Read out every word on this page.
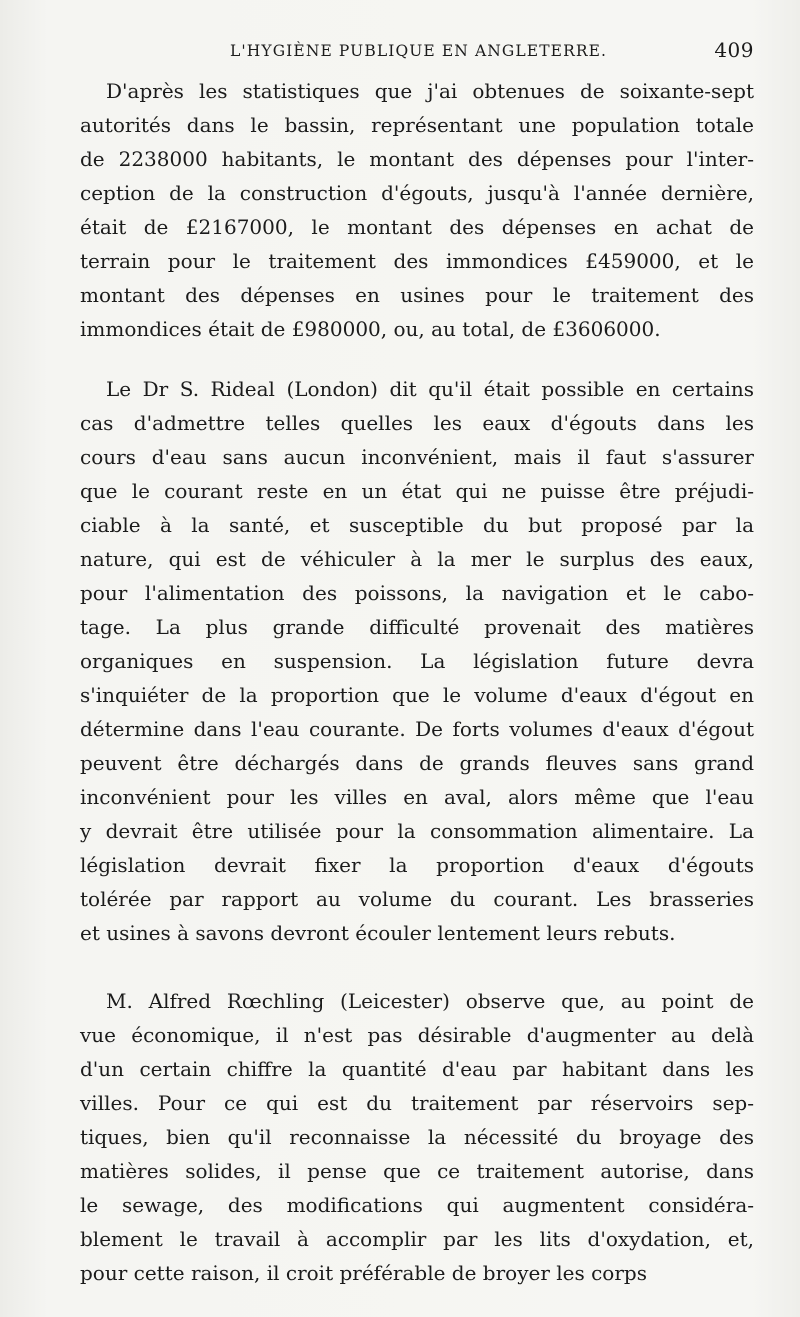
L'HYGIÈNE PUBLIQUE EN ANGLETERRE.	409

D'après les statistiques que j'ai obtenues de soixante-sept
autorités dans le bassin, représentant une population totale
de 2238000 habitants, le montant des dépenses pour l'inter-
ception de la construction d'égouts, jusqu'à l'année dernière,
était de £2167000, le montant des dépenses en achat de
terrain pour le traitement des immondices £459000, et le
montant des dépenses en usines pour le traitement des
immondices était de £980000, ou, au total, de £3606000.

Le Dr S. Rideal (London) dit qu'il était possible en certains
cas d'admettre telles quelles les eaux d'égouts dans les
cours d'eau sans aucun inconvénient, mais il faut s'assurer
que le courant reste en un état qui ne puisse être préjudi-
ciable à la santé, et susceptible du but proposé par la
nature, qui est de véhiculer à la mer le surplus des eaux,
pour l'alimentation des poissons, la navigation et le cabo-
tage. La plus grande difficulté provenait des matières
organiques en suspension. La législation future devra
s'inquiéter de la proportion que le volume d'eaux d'égout en
détermine dans l'eau courante. De forts volumes d'eaux d'égout
peuvent être déchargés dans de grands fleuves sans grand
inconvénient pour les villes en aval, alors même que l'eau
y devrait être utilisée pour la consommation alimentaire. La
législation devrait fixer la proportion d'eaux d'égouts
tolérée par rapport au volume du courant. Les brasseries
et usines à savons devront écouler lentement leurs rebuts.

M. Alfred Rœchling (Leicester) observe que, au point de
vue économique, il n'est pas désirable d'augmenter au delà
d'un certain chiffre la quantité d'eau par habitant dans les
villes. Pour ce qui est du traitement par réservoirs sep-
tiques, bien qu'il reconnaisse la nécessité du broyage des
matières solides, il pense que ce traitement autorise, dans
le sewage, des modifications qui augmentent considéra-
blement le travail à accomplir par les lits d'oxydation, et,
pour cette raison, il croit préférable de broyer les corps
